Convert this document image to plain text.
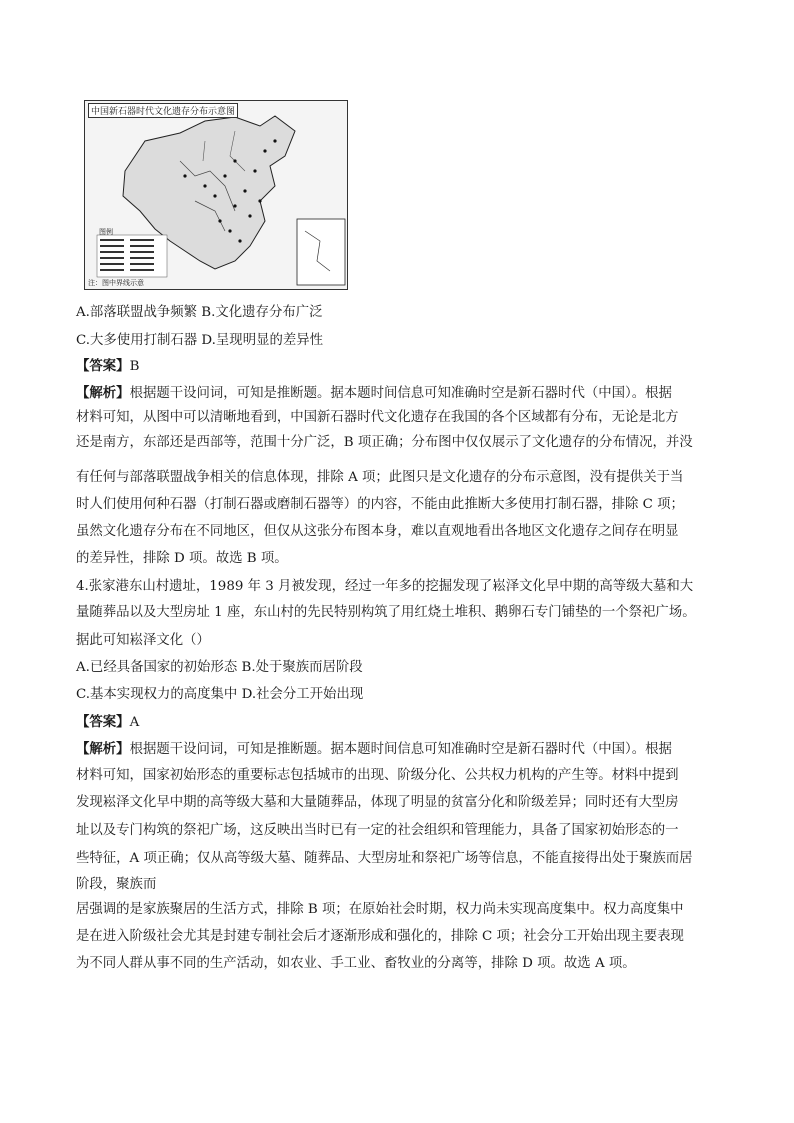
中国新石器时代文化遗存分布示意图
图例
注：图中界线示意
A.部落联盟战争频繁 B.文化遗存分布广泛
C.大多使用打制石器 D.呈现明显的差异性
【答案】B
【解析】根据题干设问词，可知是推断题。据本题时间信息可知准确时空是新石器时代（中国）。根据
材料可知，从图中可以清晰地看到，中国新石器时代文化遗存在我国的各个区域都有分布，无论是北方
还是南方，东部还是西部等，范围十分广泛，B 项正确；分布图中仅仅展示了文化遗存的分布情况，并没
有任何与部落联盟战争相关的信息体现，排除 A 项；此图只是文化遗存的分布示意图，没有提供关于当
时人们使用何种石器（打制石器或磨制石器等）的内容，不能由此推断大多使用打制石器，排除 C 项；
虽然文化遗存分布在不同地区，但仅从这张分布图本身，难以直观地看出各地区文化遗存之间存在明显
的差异性，排除 D 项。故选 B 项。
4.张家港东山村遗址，1989 年 3 月被发现，经过一年多的挖掘发现了崧泽文化早中期的高等级大墓和大
量随葬品以及大型房址 1 座，东山村的先民特别构筑了用红烧土堆积、鹅卵石专门铺垫的一个祭祀广场。
据此可知崧泽文化（）
A.已经具备国家的初始形态 B.处于聚族而居阶段
C.基本实现权力的高度集中 D.社会分工开始出现
【答案】A
【解析】根据题干设问词，可知是推断题。据本题时间信息可知准确时空是新石器时代（中国）。根据
材料可知，国家初始形态的重要标志包括城市的出现、阶级分化、公共权力机构的产生等。材料中提到
发现崧泽文化早中期的高等级大墓和大量随葬品，体现了明显的贫富分化和阶级差异；同时还有大型房
址以及专门构筑的祭祀广场，这反映出当时已有一定的社会组织和管理能力，具备了国家初始形态的一
些特征，A 项正确；仅从高等级大墓、随葬品、大型房址和祭祀广场等信息，不能直接得出处于聚族而居
阶段，聚族而
居强调的是家族聚居的生活方式，排除 B 项；在原始社会时期，权力尚未实现高度集中。权力高度集中
是在进入阶级社会尤其是封建专制社会后才逐渐形成和强化的，排除 C 项；社会分工开始出现主要表现
为不同人群从事不同的生产活动，如农业、手工业、畜牧业的分离等，排除 D 项。故选 A 项。
